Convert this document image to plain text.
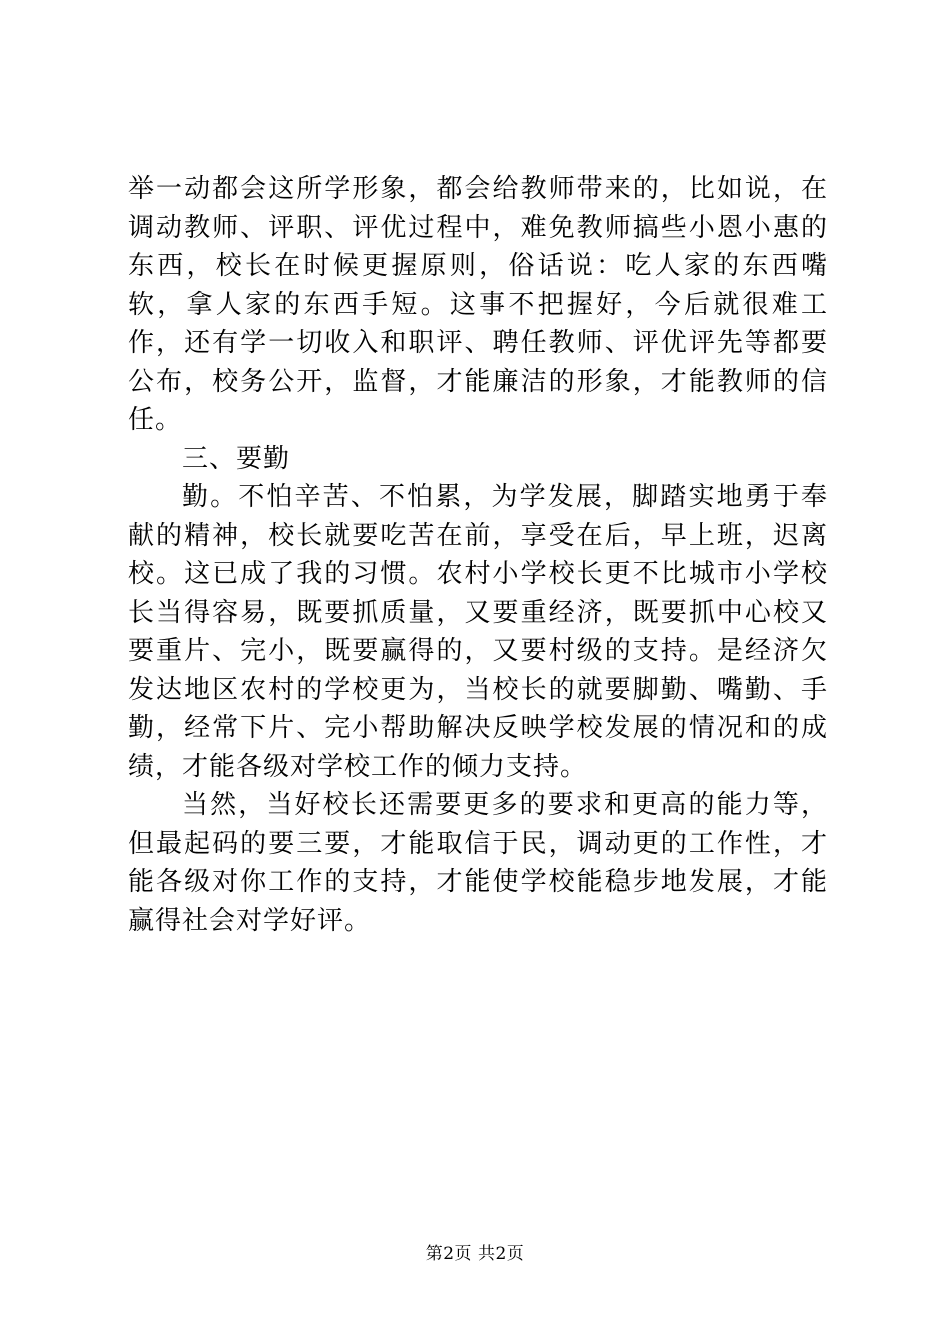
举一动都会这所学形象，都会给教师带来的，比如说，在调动教师、评职、评优过程中，难免教师搞些小恩小惠的东西，校长在时候更握原则，俗话说：吃人家的东西嘴软，拿人家的东西手短。这事不把握好，今后就很难工作，还有学一切收入和职评、聘任教师、评优评先等都要公布，校务公开，监督，才能廉洁的形象，才能教师的信任。

三、要勤

勤。不怕辛苦、不怕累，为学发展，脚踏实地勇于奉献的精神，校长就要吃苦在前，享受在后，早上班，迟离校。这已成了我的习惯。农村小学校长更不比城市小学校长当得容易，既要抓质量，又要重经济，既要抓中心校又要重片、完小，既要赢得的，又要村级的支持。是经济欠发达地区农村的学校更为，当校长的就要脚勤、嘴勤、手勤，经常下片、完小帮助解决反映学校发展的情况和的成绩，才能各级对学校工作的倾力支持。

当然，当好校长还需要更多的要求和更高的能力等，但最起码的要三要，才能取信于民，调动更的工作性，才能各级对你工作的支持，才能使学校能稳步地发展，才能赢得社会对学好评。

第2页 共2页
